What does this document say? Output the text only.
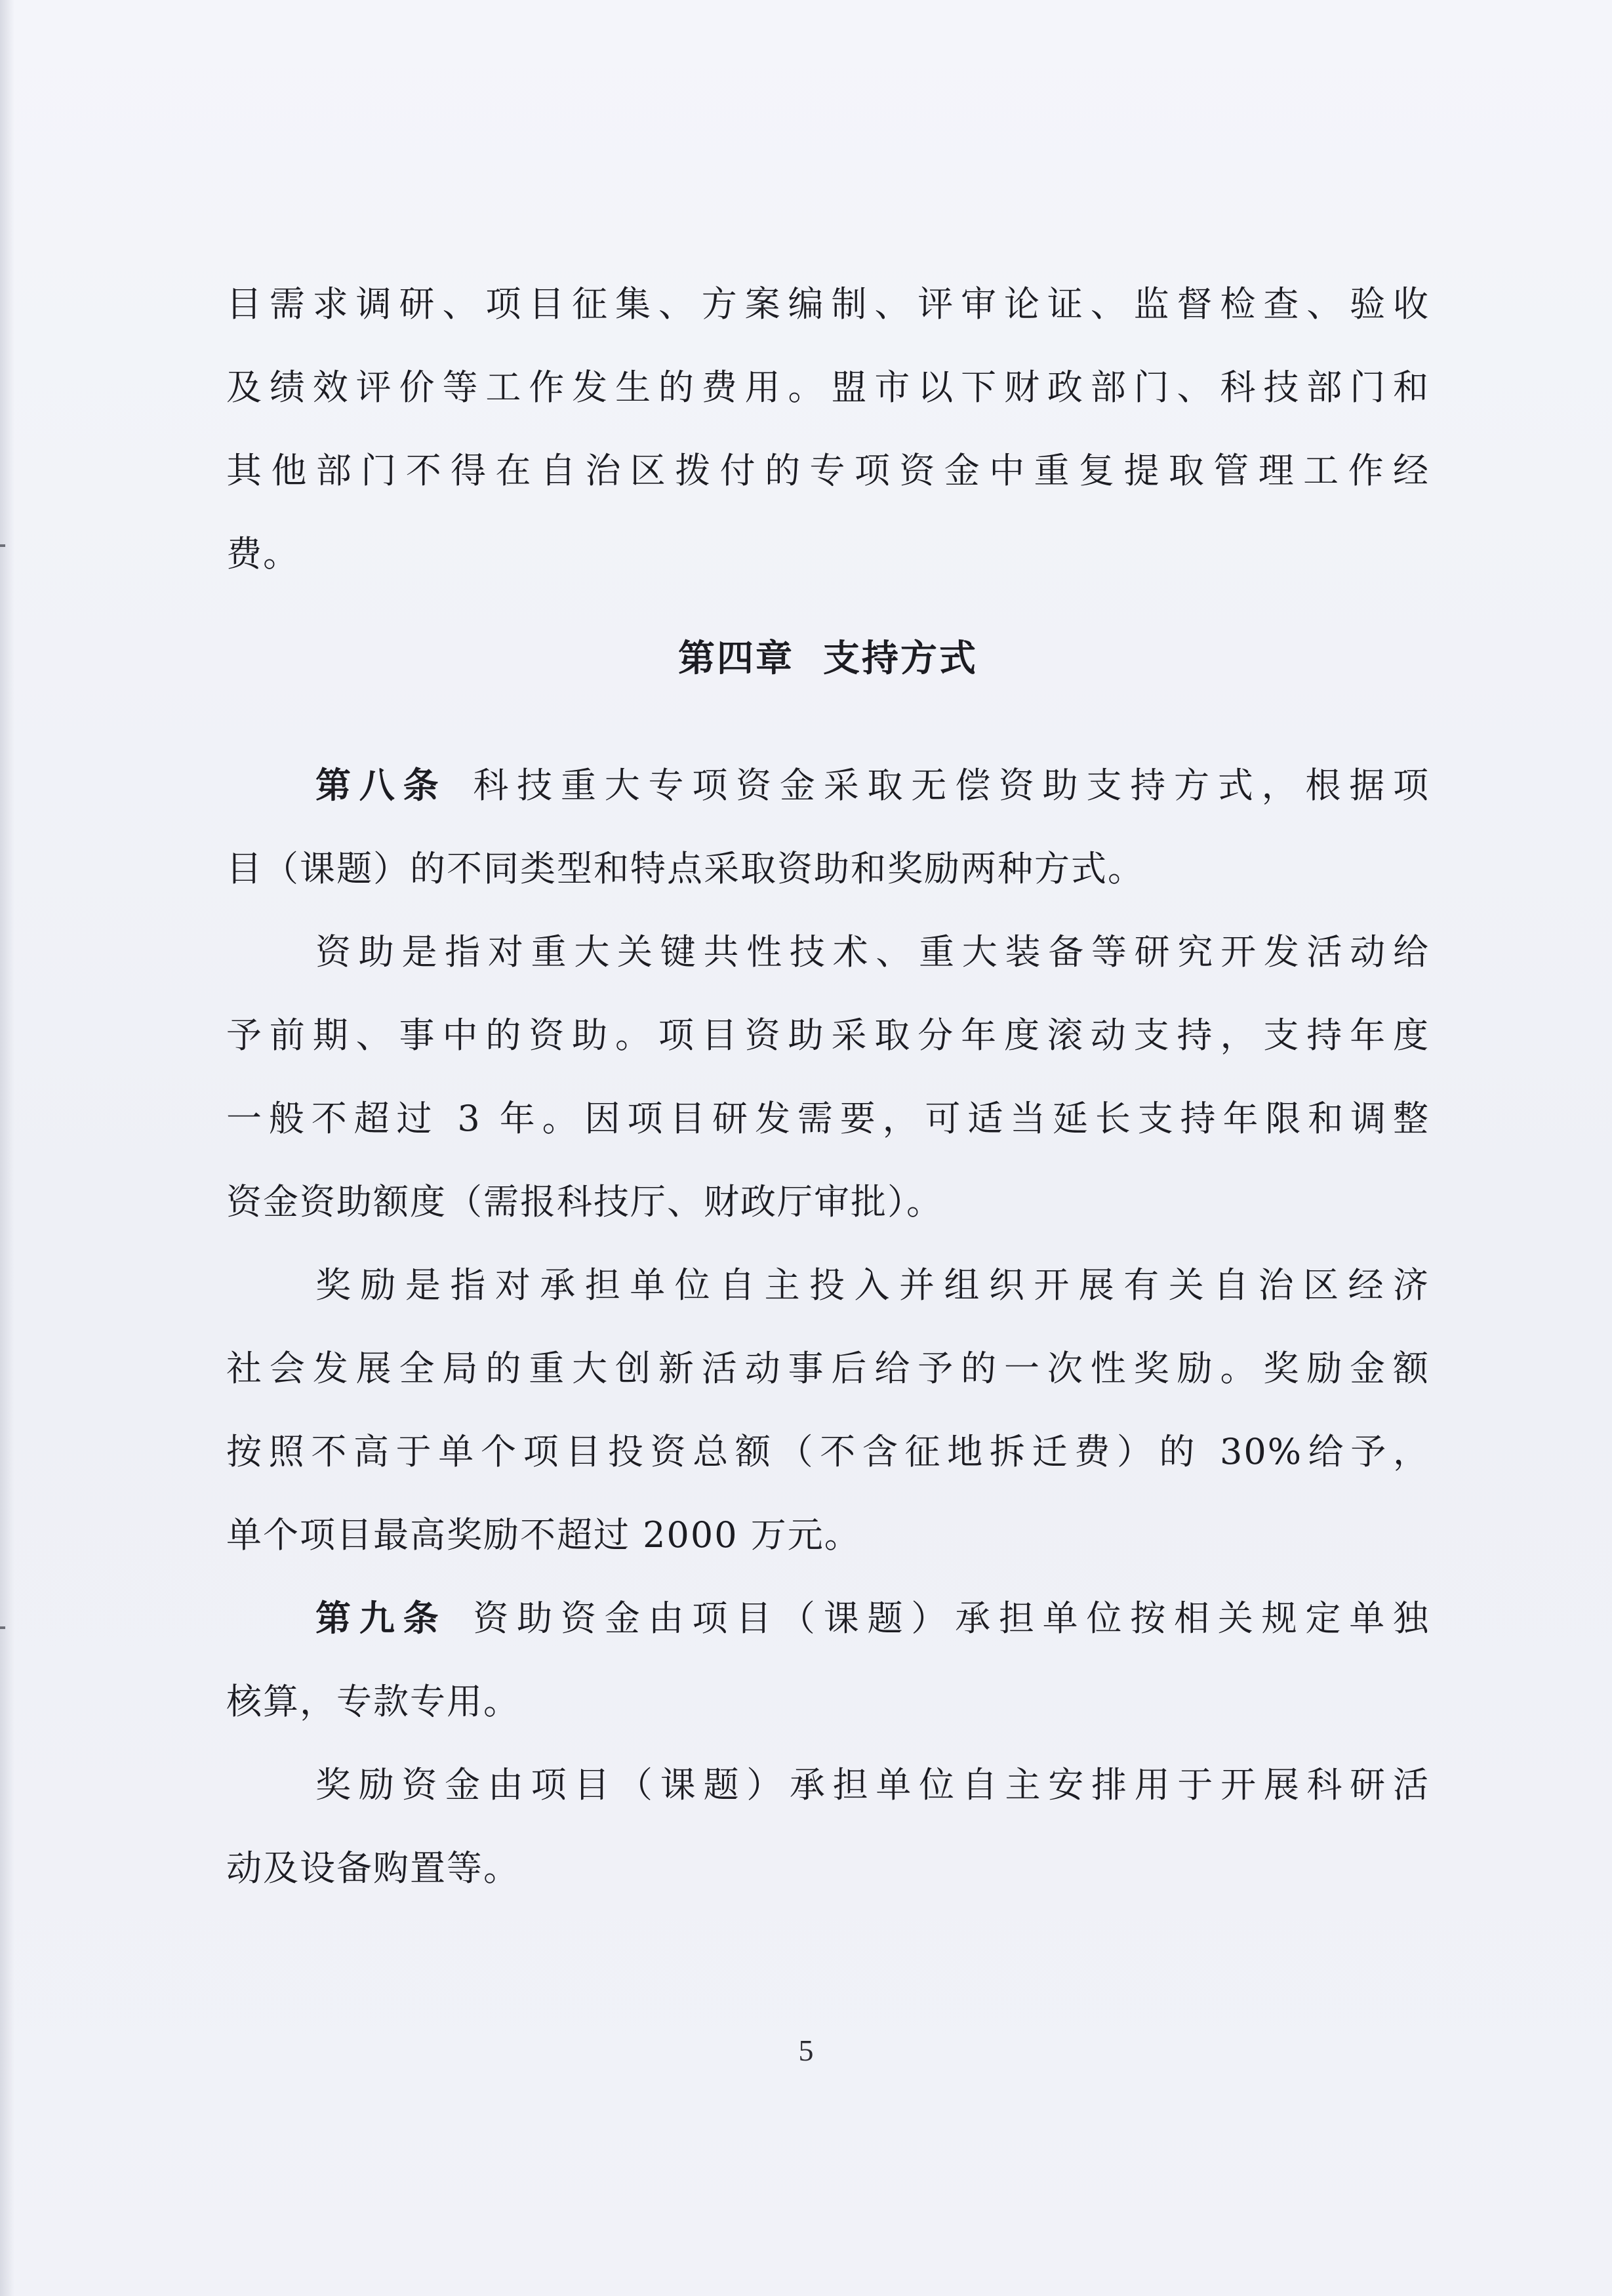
目需求调研、项目征集、方案编制、评审论证、监督检查、验收

及绩效评价等工作发生的费用。盟市以下财政部门、科技部门和

其他部门不得在自治区拨付的专项资金中重复提取管理工作经

费。

第四章 支持方式

第八条 科技重大专项资金采取无偿资助支持方式，根据项

目（课题）的不同类型和特点采取资助和奖励两种方式。

资助是指对重大关键共性技术、重大装备等研究开发活动给

予前期、事中的资助。项目资助采取分年度滚动支持，支持年度

一般不超过 3 年。因项目研发需要，可适当延长支持年限和调整

资金资助额度（需报科技厅、财政厅审批）。

奖励是指对承担单位自主投入并组织开展有关自治区经济

社会发展全局的重大创新活动事后给予的一次性奖励。奖励金额

按照不高于单个项目投资总额（不含征地拆迁费）的 30%给予，

单个项目最高奖励不超过 2000 万元。

第九条 资助资金由项目（课题）承担单位按相关规定单独

核算，专款专用。

奖励资金由项目（课题）承担单位自主安排用于开展科研活

动及设备购置等。

5
